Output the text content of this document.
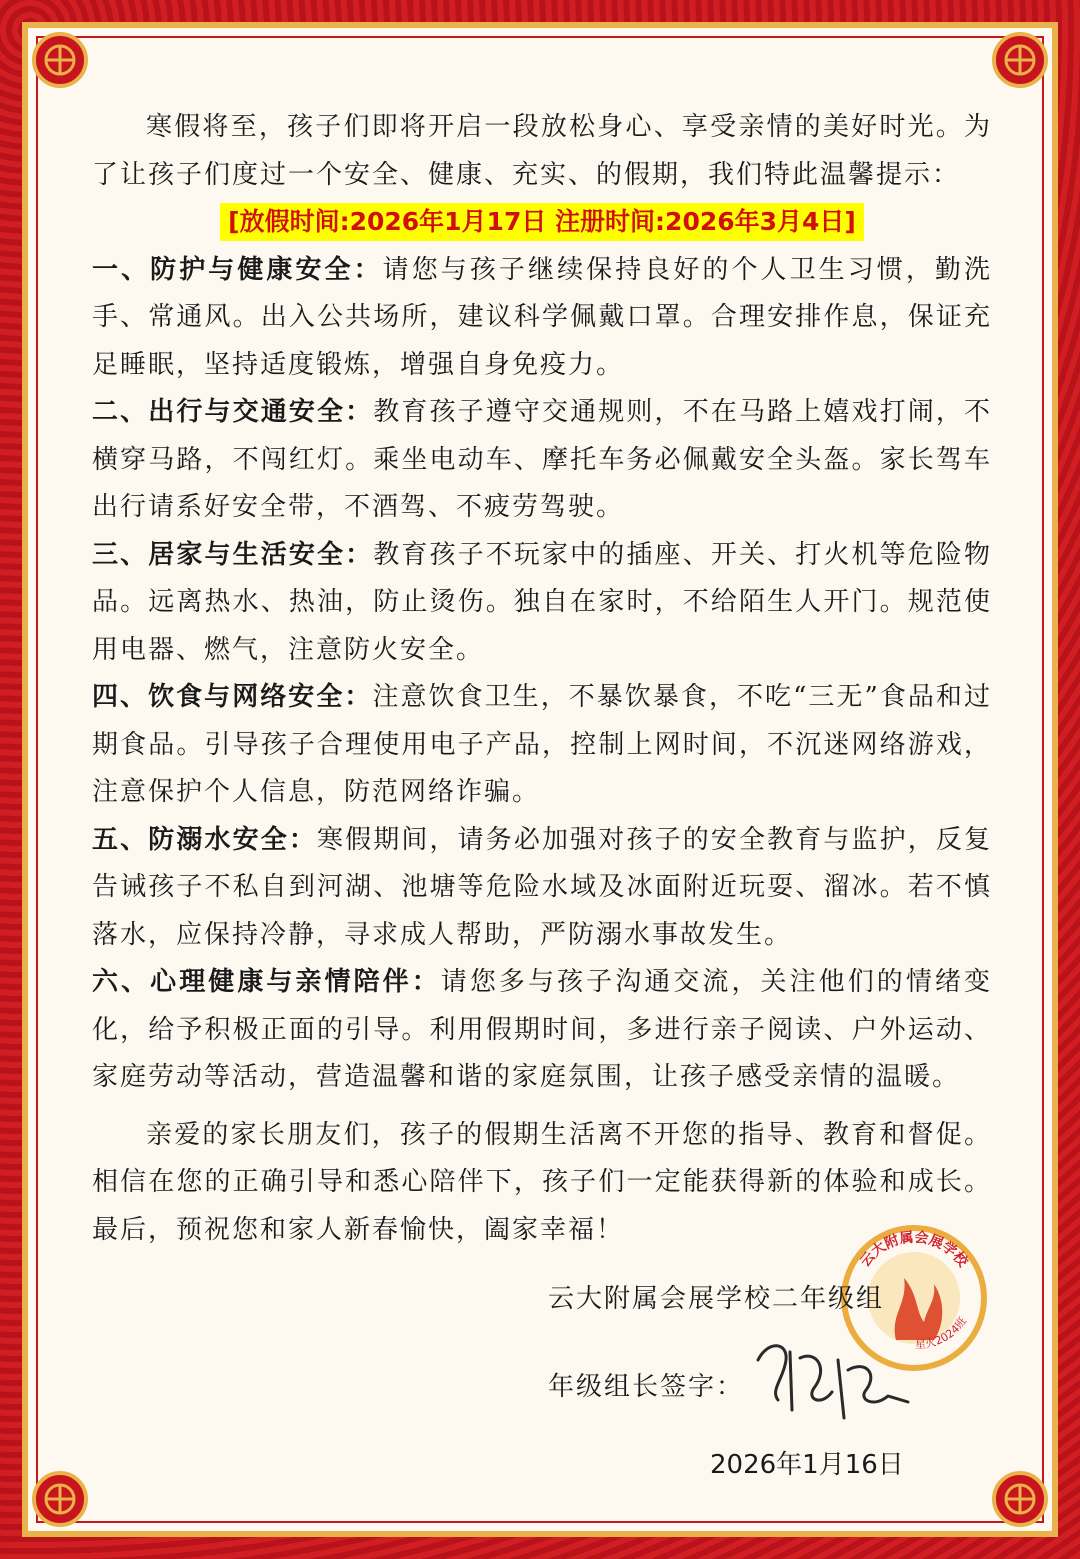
寒假将至，孩子们即将开启一段放松身心、享受亲情的美好时光。为了让孩子们度过一个安全、健康、充实、的假期，我们特此温馨提示：

[放假时间:2026年1月17日 注册时间:2026年3月4日]

一、防护与健康安全：请您与孩子继续保持良好的个人卫生习惯，勤洗手、常通风。出入公共场所，建议科学佩戴口罩。合理安排作息，保证充足睡眠，坚持适度锻炼，增强自身免疫力。

二、出行与交通安全：教育孩子遵守交通规则，不在马路上嬉戏打闹，不横穿马路，不闯红灯。乘坐电动车、摩托车务必佩戴安全头盔。家长驾车出行请系好安全带，不酒驾、不疲劳驾驶。

三、居家与生活安全：教育孩子不玩家中的插座、开关、打火机等危险物品。远离热水、热油，防止烫伤。独自在家时，不给陌生人开门。规范使用电器、燃气，注意防火安全。

四、饮食与网络安全：注意饮食卫生，不暴饮暴食，不吃“三无”食品和过期食品。引导孩子合理使用电子产品，控制上网时间，不沉迷网络游戏，注意保护个人信息，防范网络诈骗。

五、防溺水安全：寒假期间，请务必加强对孩子的安全教育与监护，反复告诫孩子不私自到河湖、池塘等危险水域及冰面附近玩耍、溜冰。若不慎落水，应保持冷静，寻求成人帮助，严防溺水事故发生。

六、心理健康与亲情陪伴：请您多与孩子沟通交流，关注他们的情绪变化，给予积极正面的引导。利用假期时间，多进行亲子阅读、户外运动、家庭劳动等活动，营造温馨和谐的家庭氛围，让孩子感受亲情的温暖。

亲爱的家长朋友们，孩子的假期生活离不开您的指导、教育和督促。相信在您的正确引导和悉心陪伴下，孩子们一定能获得新的体验和成长。最后，预祝您和家人新春愉快，阖家幸福！

云大附属会展学校
星火2024班
云大附属会展学校二年级组
年级组长签字：
2026年1月16日
